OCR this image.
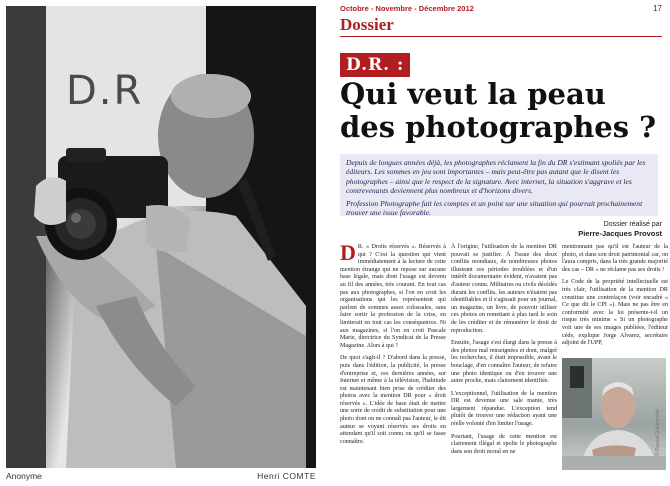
D.R
Anonyme	Henri COMTE
Octobre - Novembre - Décembre 2012	17
Dossier
D.R. :
Qui veut la peau
des photographes ?

Depuis de longues années déjà, les photographes réclament la fin du DR s'estimant spoliés par les éditeurs. Les sommes en jeu sont importantes – mais peut-être pas autant que le disent les photographes – ainsi que le respect de la signature. Avec internet, la situation s'aggrave et les contrevenants deviennent plus nombreux et d'horizons divers.

Profession Photographe fait les comptes et un point sur une situation qui pourrait prochainement trouver une issue favorable.

Dossier réalisé par
Pierre-Jacques Provost

D R. « Droits réservés ». Réservés à qui ? C'est la question qui vient immédiatement à la lecture de cette mention étrange qui ne repose sur aucune base légale, mais dont l'usage est devenu au fil des années, très courant. En tout cas pas aux photographes, si l'on en croit les organisations qui les représentent qui parlent de sommes assez colossales, sans faire sortir la profession de la crise, en limiterait en tout cas les conséquences. Ni aux magazines, si l'on en croit Pascale Marie, directrice du Syndicat de la Presse Magazine. Alors à qui ?

De quoi s'agit-il ? D'abord dans la presse, puis dans l'édition, la publicité, la presse d'entreprise et, ces dernières années, sur Internet et même à la télévision, l'habitude est maintenant bien prise de créditer des photos avec la mention DR pour « droit réservés ». L'idée de base était de mettre une sorte de crédit de substitution pour une photo dont on ne connaît pas l'auteur, le dit auteur se voyant réservés ses droits en attendant qu'il soit connu ou qu'il se fasse connaître.

À l'origine, l'utilisation de la mention DR pouvait se justifier. À l'issue des deux conflits mondiaux, de nombreuses photos illustrant ces périodes troublées et d'un intérêt documentaire évident, n'avaient pas d'auteur connu. Militaires ou civils décédés durant les conflits, les auteurs n'étaient pas identifiables et il s'agissait pour un journal, un magazine, un livre, de pouvoir utiliser ces photos en remettant à plus tard le soin de les créditer et de rémunérer le droit de reproduction.

Ensuite, l'usage s'est élargi dans la presse à des photos mal renseignées et dont, malgré les recherches, il était impossible, avant le bouclage, d'en connaître l'auteur, de refaire une photo identique ou d'en trouver une autre proche, mais clairement identifiée.

L'exceptionnel, l'utilisation de la mention DR est devenue une sale manie, très largement répandue. L'exception tend plutôt de trouver une rédaction ayant une réelle volonté d'en limiter l'usage.

Pourtant, l'usage de cette mention est clairement illégal et spolie le photographe dans son droit moral en ne

mentionnant pas qu'il est l'auteur de la photo, et dans son droit patrimonial car, on l'aura compris, dans la très grande majorité des cas – DR » ne réclame pas ses droits !

Le Code de la propriété intellectuelle est très clair, l'utilisation de la mention DR constitue une contrefaçon (voir encadré « Ce que dit le CPI »). Mais ne pas être en conformité avec la loi présente-t-il un risque très minime « Si un photographe voit une de ses images publiées, l'éditeur cède, explique Jorge Alvarez, secrétaire adjoint de l'UPP,

© Pascal Quittemelle
